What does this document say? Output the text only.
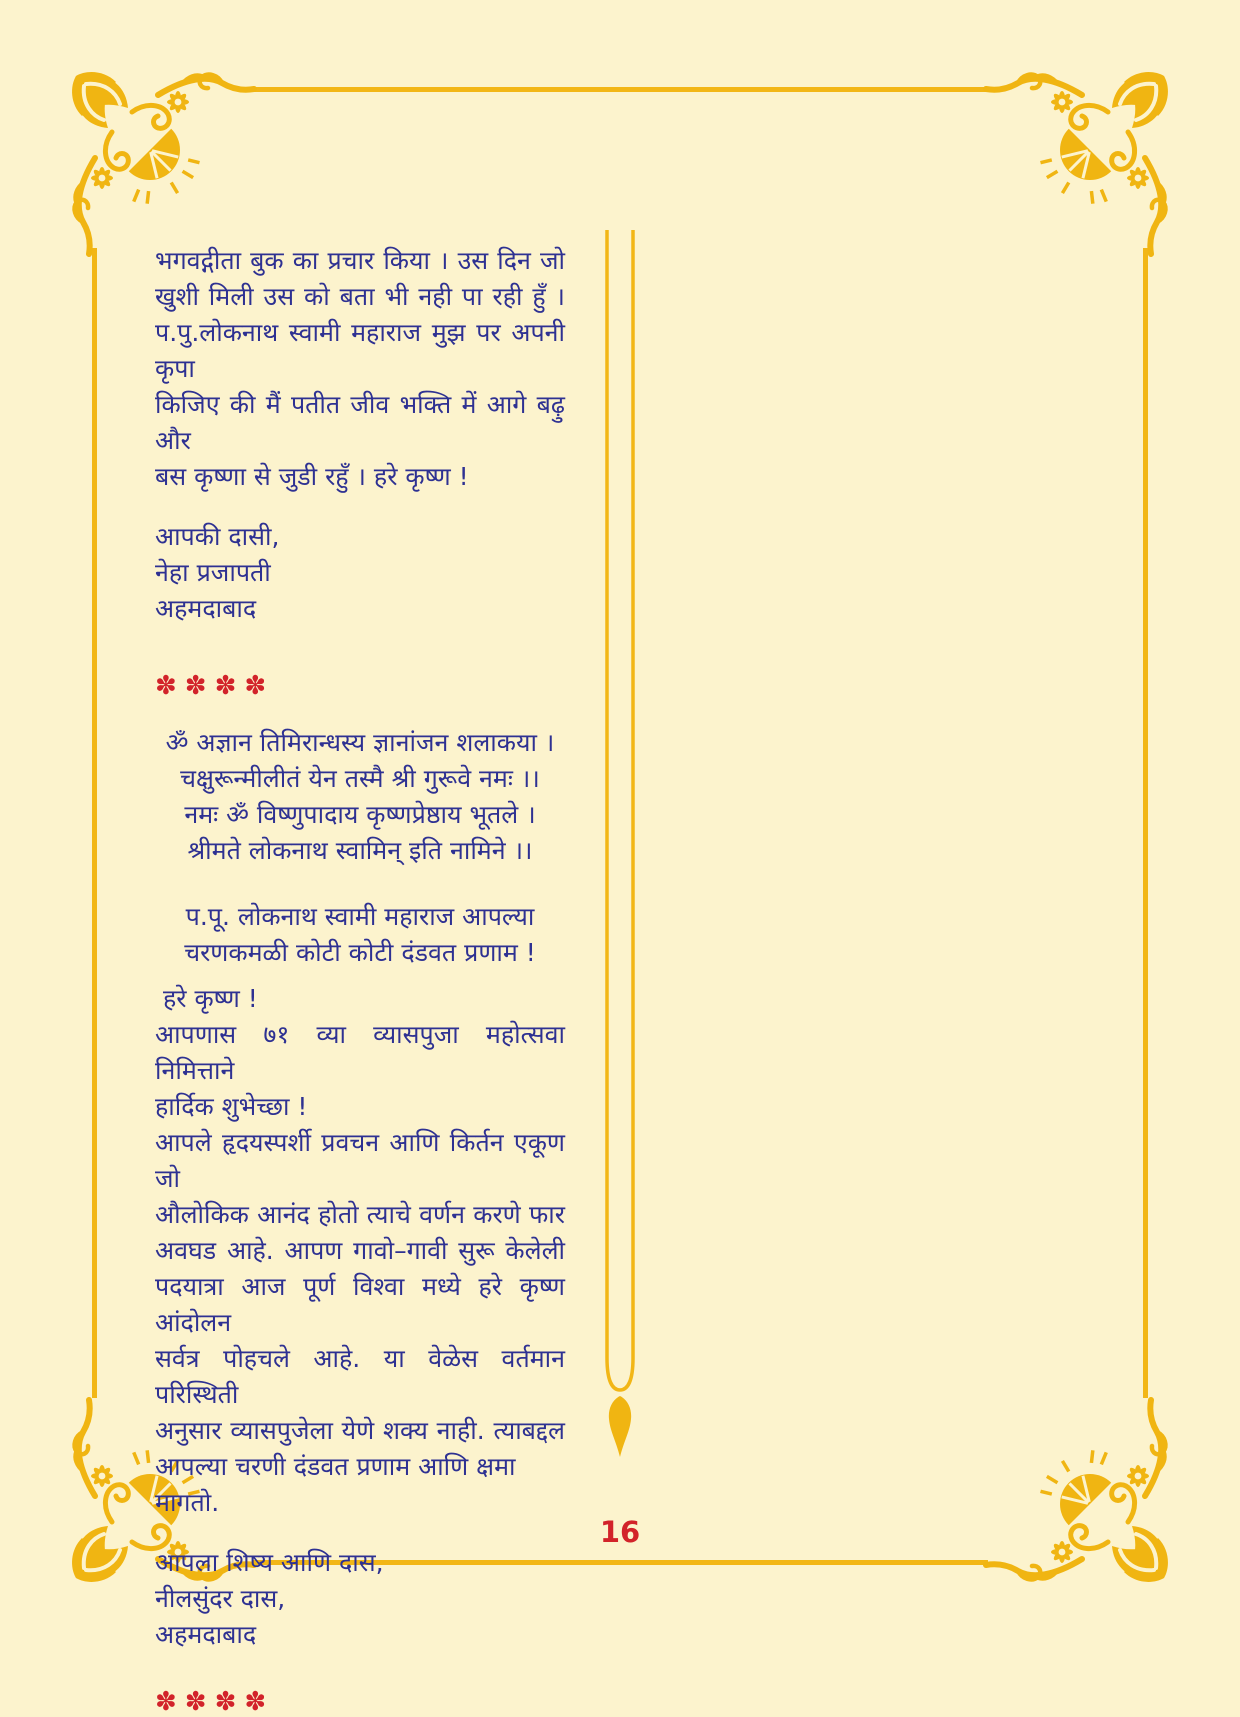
भगवद्गीता बुक का प्रचार किया । उस दिन जो
खुशी मिली उस को बता भी नही पा रही हुँ ।
प.पु.लोकनाथ स्वामी महाराज मुझ पर अपनी कृपा
किजिए की मैं पतीत जीव भक्ति में आगे बढ़ु और
बस कृष्णा से जुडी रहुँ । हरे कृष्ण !
आपकी दासी,
नेहा प्रजापती
अहमदाबाद
✽✽✽✽
ॐ अज्ञान तिमिरान्धस्य ज्ञानांजन शलाकया ।
चक्षुरून्मीलीतं येन तस्मै श्री गुरूवे नमः ।।
नमः ॐ विष्णुपादाय कृष्णप्रेष्ठाय भूतले ।
श्रीमते लोकनाथ स्वामिन् इति नामिने ।।
प.पू. लोकनाथ स्वामी महाराज आपल्या
चरणकमळी कोटी कोटी दंडवत प्रणाम !
हरे कृष्ण !
आपणास ७१ व्या व्यासपुजा महोत्सवा निमित्ताने
हार्दिक शुभेच्छा !
आपले हृदयस्पर्शी प्रवचन आणि किर्तन एकूण जो
औलोकिक आनंद होतो त्याचे वर्णन करणे फार
अवघड आहे. आपण गावो–गावी सुरू केलेली
पदयात्रा आज पूर्ण विश्वा मध्ये हरे कृष्ण आंदोलन
सर्वत्र पोहचले आहे. या वेळेस वर्तमान परिस्थिती
अनुसार व्यासपुजेला येणे शक्य नाही. त्याबद्दल
आपल्या चरणी दंडवत प्रणाम आणि क्षमा मागतो.
आपला शिष्य आणि दास,
नीलसुंदर दास,
अहमदाबाद
✽✽✽✽
16
